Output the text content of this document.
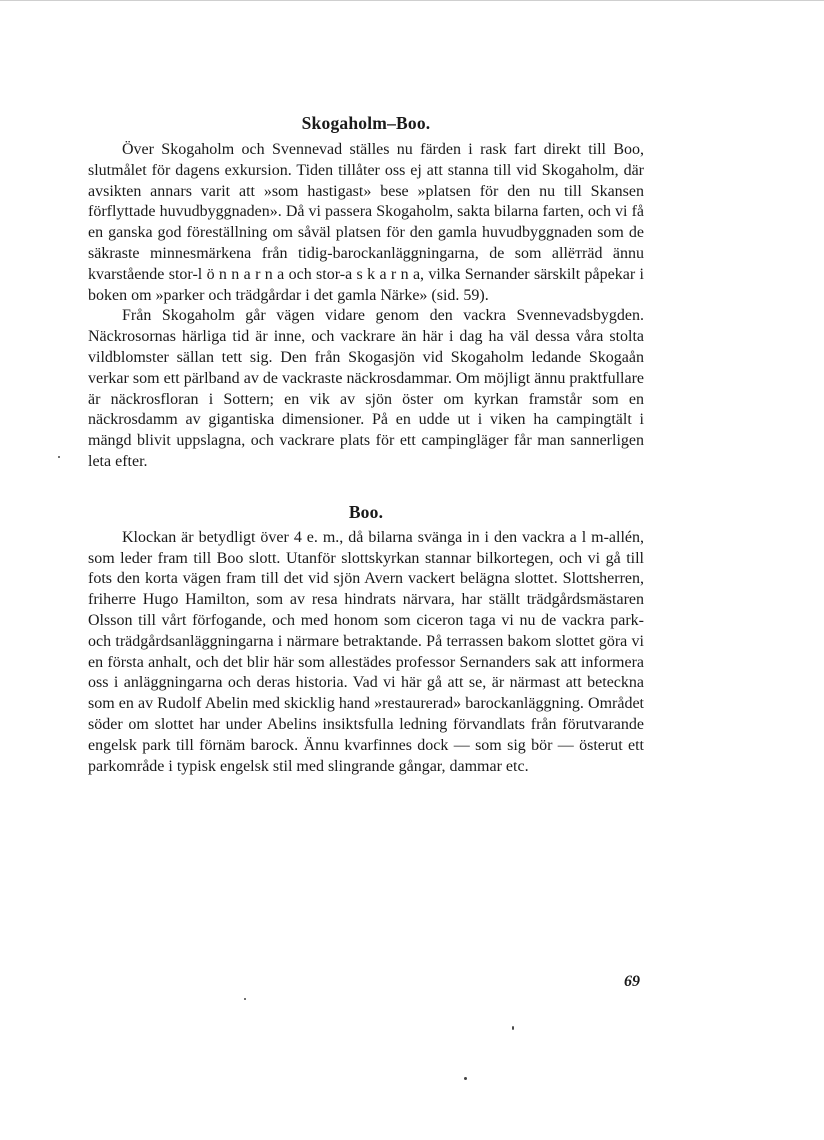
Skogaholm–Boo.

Över Skogaholm och Svennevad ställes nu färden i rask fart direkt till Boo, slutmålet för dagens exkursion. Tiden tillåter oss ej att stanna till vid Skogaholm, där avsikten annars varit att »som hastigast» bese »platsen för den nu till Skansen förflyttade huvudbyggnaden». Då vi passera Skogaholm, sakta bilarna farten, och vi få en ganska god föreställning om såväl platsen för den gamla huvudbyggnaden som de säkraste minnesmärkena från tidig-barockanläggningarna, de som allётräd ännu kvarstående stor-l ö n n a r n a och stor-a s k a r n a, vilka Sernander särskilt påpekar i boken om »parker och trädgårdar i det gamla Närke» (sid. 59).

Från Skogaholm går vägen vidare genom den vackra Svennevadsbygden. Näckrosornas härliga tid är inne, och vackrare än här i dag ha väl dessa våra stolta vildblomster sällan tett sig. Den från Skogasjön vid Skogaholm ledande Skogaån verkar som ett pärlband av de vackraste näckrosdammar. Om möjligt ännu praktfullare är näckrosfloran i Sottern; en vik av sjön öster om kyrkan framstår som en näckrosdamm av gigantiska dimensioner. På en udde ut i viken ha campingtält i mängd blivit uppslagna, och vackrare plats för ett campingläger får man sannerligen leta efter.

Boo.

Klockan är betydligt över 4 e. m., då bilarna svänga in i den vackra a l m-allén, som leder fram till Boo slott. Utanför slottskyrkan stannar bilkortegen, och vi gå till fots den korta vägen fram till det vid sjön Avern vackert belägna slottet. Slottsherren, friherre Hugo Hamilton, som av resa hindrats närvara, har ställt trädgårdsmästaren Olsson till vårt förfogande, och med honom som ciceron taga vi nu de vackra park- och trädgårdsanläggningarna i närmare betraktande. På terrassen bakom slottet göra vi en första anhalt, och det blir här som allestädes professor Sernanders sak att informera oss i anläggningarna och deras historia. Vad vi här gå att se, är närmast att beteckna som en av Rudolf Abelin med skicklig hand »restaurerad» barockanläggning. Området söder om slottet har under Abelins insiktsfulla ledning förvandlats från förutvarande engelsk park till förnäm barock. Ännu kvarfinnes dock — som sig bör — österut ett parkområde i typisk engelsk stil med slingrande gångar, dammar etc.

69
